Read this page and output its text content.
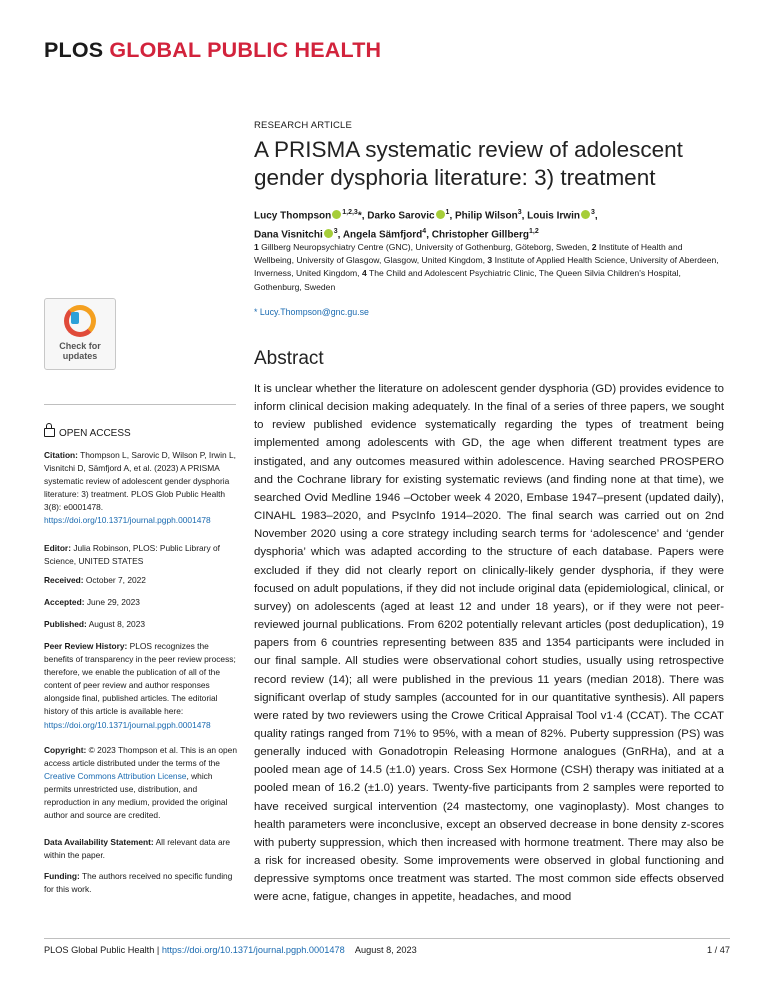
PLOS GLOBAL PUBLIC HEALTH
Check for
updates
OPEN ACCESS
Citation: Thompson L, Sarovic D, Wilson P, Irwin L, Visnitchi D, Sämfjord A, et al. (2023) A PRISMA systematic review of adolescent gender dysphoria literature: 3) treatment. PLOS Glob Public Health 3(8): e0001478. https://doi.org/10.1371/journal.pgph.0001478
Editor: Julia Robinson, PLOS: Public Library of Science, UNITED STATES
Received: October 7, 2022
Accepted: June 29, 2023
Published: August 8, 2023
Peer Review History: PLOS recognizes the benefits of transparency in the peer review process; therefore, we enable the publication of all of the content of peer review and author responses alongside final, published articles. The editorial history of this article is available here: https://doi.org/10.1371/journal.pgph.0001478
Copyright: © 2023 Thompson et al. This is an open access article distributed under the terms of the Creative Commons Attribution License, which permits unrestricted use, distribution, and reproduction in any medium, provided the original author and source are credited.
Data Availability Statement: All relevant data are within the paper.
Funding: The authors received no specific funding for this work.
RESEARCH ARTICLE
A PRISMA systematic review of adolescent gender dysphoria literature: 3) treatment
Lucy Thompson $^{1,2,3}$*, Darko Sarovic $^1$, Philip Wilson$^3$, Louis Irwin $^3$,
Dana Visnitchi $^3$, Angela Sämfjord$^4$, Christopher Gillberg$^{1,2}$
1 Gillberg Neuropsychiatry Centre (GNC), University of Gothenburg, Göteborg, Sweden, 2 Institute of Health and Wellbeing, University of Glasgow, Glasgow, United Kingdom, 3 Institute of Applied Health Science, University of Aberdeen, Inverness, United Kingdom, 4 The Child and Adolescent Psychiatric Clinic, The Queen Silvia Children's Hospital, Gothenburg, Sweden
* Lucy.Thompson@gnc.gu.se
Abstract
It is unclear whether the literature on adolescent gender dysphoria (GD) provides evidence to inform clinical decision making adequately. In the final of a series of three papers, we sought to review published evidence systematically regarding the types of treatment being implemented among adolescents with GD, the age when different treatment types are instigated, and any outcomes measured within adolescence. Having searched PROSPERO and the Cochrane library for existing systematic reviews (and finding none at that time), we searched Ovid Medline 1946 –October week 4 2020, Embase 1947–present (updated daily), CINAHL 1983–2020, and PsycInfo 1914–2020. The final search was carried out on 2nd November 2020 using a core strategy including search terms for ‘adolescence’ and ‘gender dysphoria’ which was adapted according to the structure of each database. Papers were excluded if they did not clearly report on clinically-likely gender dysphoria, if they were focused on adult populations, if they did not include original data (epidemiological, clinical, or survey) on adolescents (aged at least 12 and under 18 years), or if they were not peer-reviewed journal publications. From 6202 potentially relevant articles (post deduplication), 19 papers from 6 countries representing between 835 and 1354 participants were included in our final sample. All studies were observational cohort studies, usually using retrospective record review (14); all were published in the previous 11 years (median 2018). There was significant overlap of study samples (accounted for in our quantitative synthesis). All papers were rated by two reviewers using the Crowe Critical Appraisal Tool v1·4 (CCAT). The CCAT quality ratings ranged from 71% to 95%, with a mean of 82%. Puberty suppression (PS) was generally induced with Gonadotropin Releasing Hormone analogues (GnRHa), and at a pooled mean age of 14.5 (±1.0) years. Cross Sex Hormone (CSH) therapy was initiated at a pooled mean of 16.2 (±1.0) years. Twenty-five participants from 2 samples were reported to have received surgical intervention (24 mastectomy, one vaginoplasty). Most changes to health parameters were inconclusive, except an observed decrease in bone density z-scores with puberty suppression, which then increased with hormone treatment. There may also be a risk for increased obesity. Some improvements were observed in global functioning and depressive symptoms once treatment was started. The most common side effects observed were acne, fatigue, changes in appetite, headaches, and mood
PLOS Global Public Health | https://doi.org/10.1371/journal.pgph.0001478 August 8, 2023	1 / 47
